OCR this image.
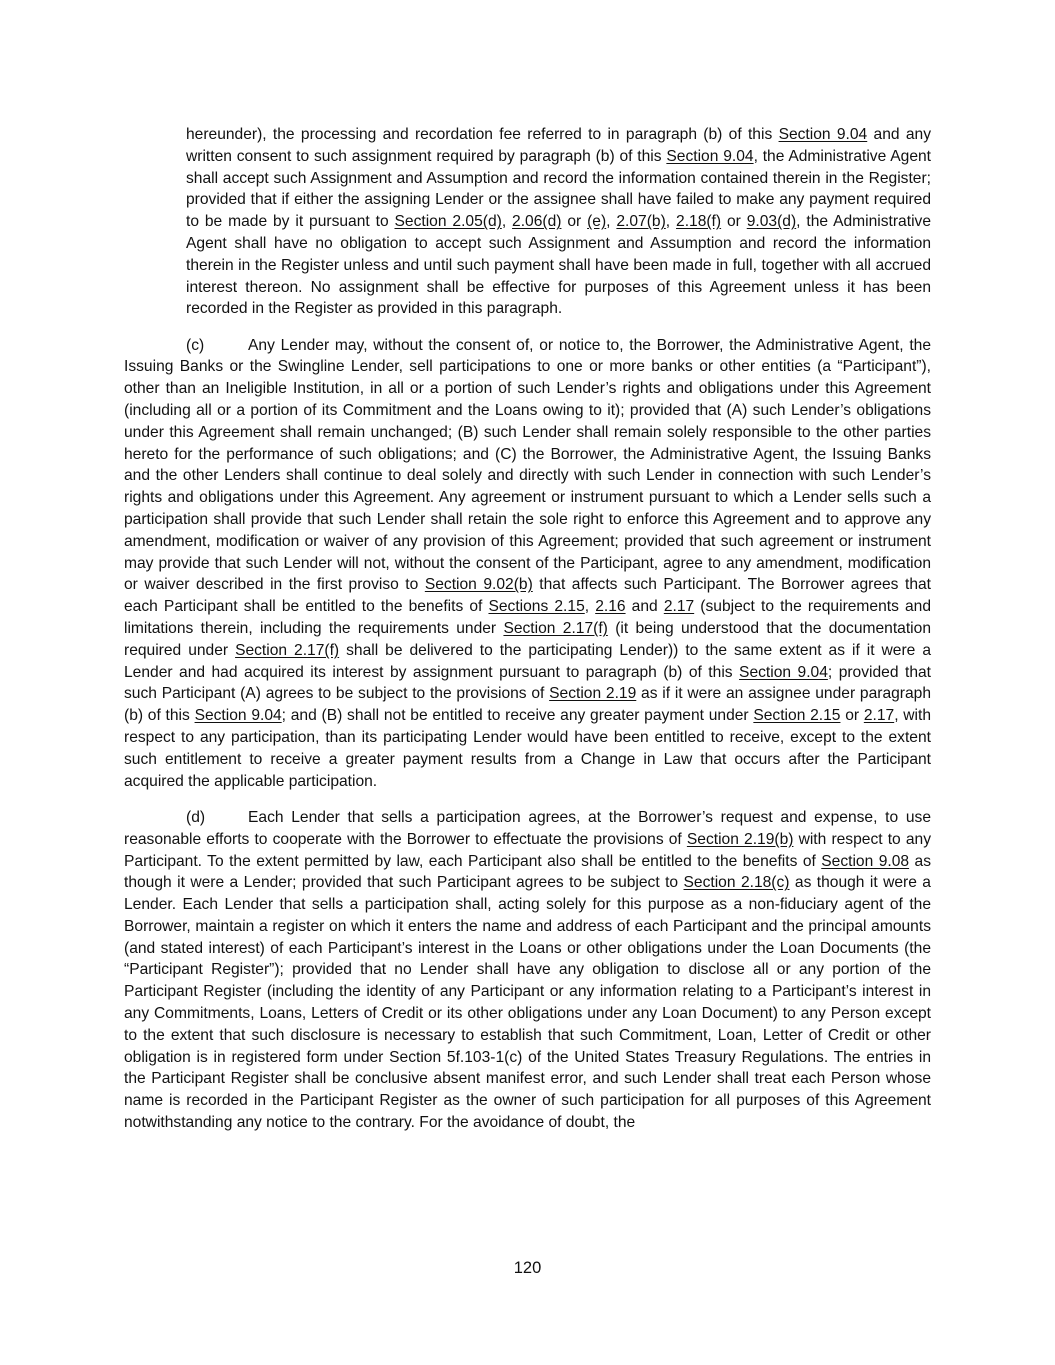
hereunder), the processing and recordation fee referred to in paragraph (b) of this Section 9.04 and any written consent to such assignment required by paragraph (b) of this Section 9.04, the Administrative Agent shall accept such Assignment and Assumption and record the information contained therein in the Register; provided that if either the assigning Lender or the assignee shall have failed to make any payment required to be made by it pursuant to Section 2.05(d), 2.06(d) or (e), 2.07(b), 2.18(f) or 9.03(d), the Administrative Agent shall have no obligation to accept such Assignment and Assumption and record the information therein in the Register unless and until such payment shall have been made in full, together with all accrued interest thereon. No assignment shall be effective for purposes of this Agreement unless it has been recorded in the Register as provided in this paragraph.

(c)	Any Lender may, without the consent of, or notice to, the Borrower, the Administrative Agent, the Issuing Banks or the Swingline Lender, sell participations to one or more banks or other entities (a “Participant”), other than an Ineligible Institution, in all or a portion of such Lender’s rights and obligations under this Agreement (including all or a portion of its Commitment and the Loans owing to it); provided that (A) such Lender’s obligations under this Agreement shall remain unchanged; (B) such Lender shall remain solely responsible to the other parties hereto for the performance of such obligations; and (C) the Borrower, the Administrative Agent, the Issuing Banks and the other Lenders shall continue to deal solely and directly with such Lender in connection with such Lender’s rights and obligations under this Agreement. Any agreement or instrument pursuant to which a Lender sells such a participation shall provide that such Lender shall retain the sole right to enforce this Agreement and to approve any amendment, modification or waiver of any provision of this Agreement; provided that such agreement or instrument may provide that such Lender will not, without the consent of the Participant, agree to any amendment, modification or waiver described in the first proviso to Section 9.02(b) that affects such Participant. The Borrower agrees that each Participant shall be entitled to the benefits of Sections 2.15, 2.16 and 2.17 (subject to the requirements and limitations therein, including the requirements under Section 2.17(f) (it being understood that the documentation required under Section 2.17(f) shall be delivered to the participating Lender)) to the same extent as if it were a Lender and had acquired its interest by assignment pursuant to paragraph (b) of this Section 9.04; provided that such Participant (A) agrees to be subject to the provisions of Section 2.19 as if it were an assignee under paragraph (b) of this Section 9.04; and (B) shall not be entitled to receive any greater payment under Section 2.15 or 2.17, with respect to any participation, than its participating Lender would have been entitled to receive, except to the extent such entitlement to receive a greater payment results from a Change in Law that occurs after the Participant acquired the applicable participation.

(d)	Each Lender that sells a participation agrees, at the Borrower’s request and expense, to use reasonable efforts to cooperate with the Borrower to effectuate the provisions of Section 2.19(b) with respect to any Participant. To the extent permitted by law, each Participant also shall be entitled to the benefits of Section 9.08 as though it were a Lender; provided that such Participant agrees to be subject to Section 2.18(c) as though it were a Lender. Each Lender that sells a participation shall, acting solely for this purpose as a non-fiduciary agent of the Borrower, maintain a register on which it enters the name and address of each Participant and the principal amounts (and stated interest) of each Participant’s interest in the Loans or other obligations under the Loan Documents (the “Participant Register”); provided that no Lender shall have any obligation to disclose all or any portion of the Participant Register (including the identity of any Participant or any information relating to a Participant’s interest in any Commitments, Loans, Letters of Credit or its other obligations under any Loan Document) to any Person except to the extent that such disclosure is necessary to establish that such Commitment, Loan, Letter of Credit or other obligation is in registered form under Section 5f.103-1(c) of the United States Treasury Regulations. The entries in the Participant Register shall be conclusive absent manifest error, and such Lender shall treat each Person whose name is recorded in the Participant Register as the owner of such participation for all purposes of this Agreement notwithstanding any notice to the contrary. For the avoidance of doubt, the

120
